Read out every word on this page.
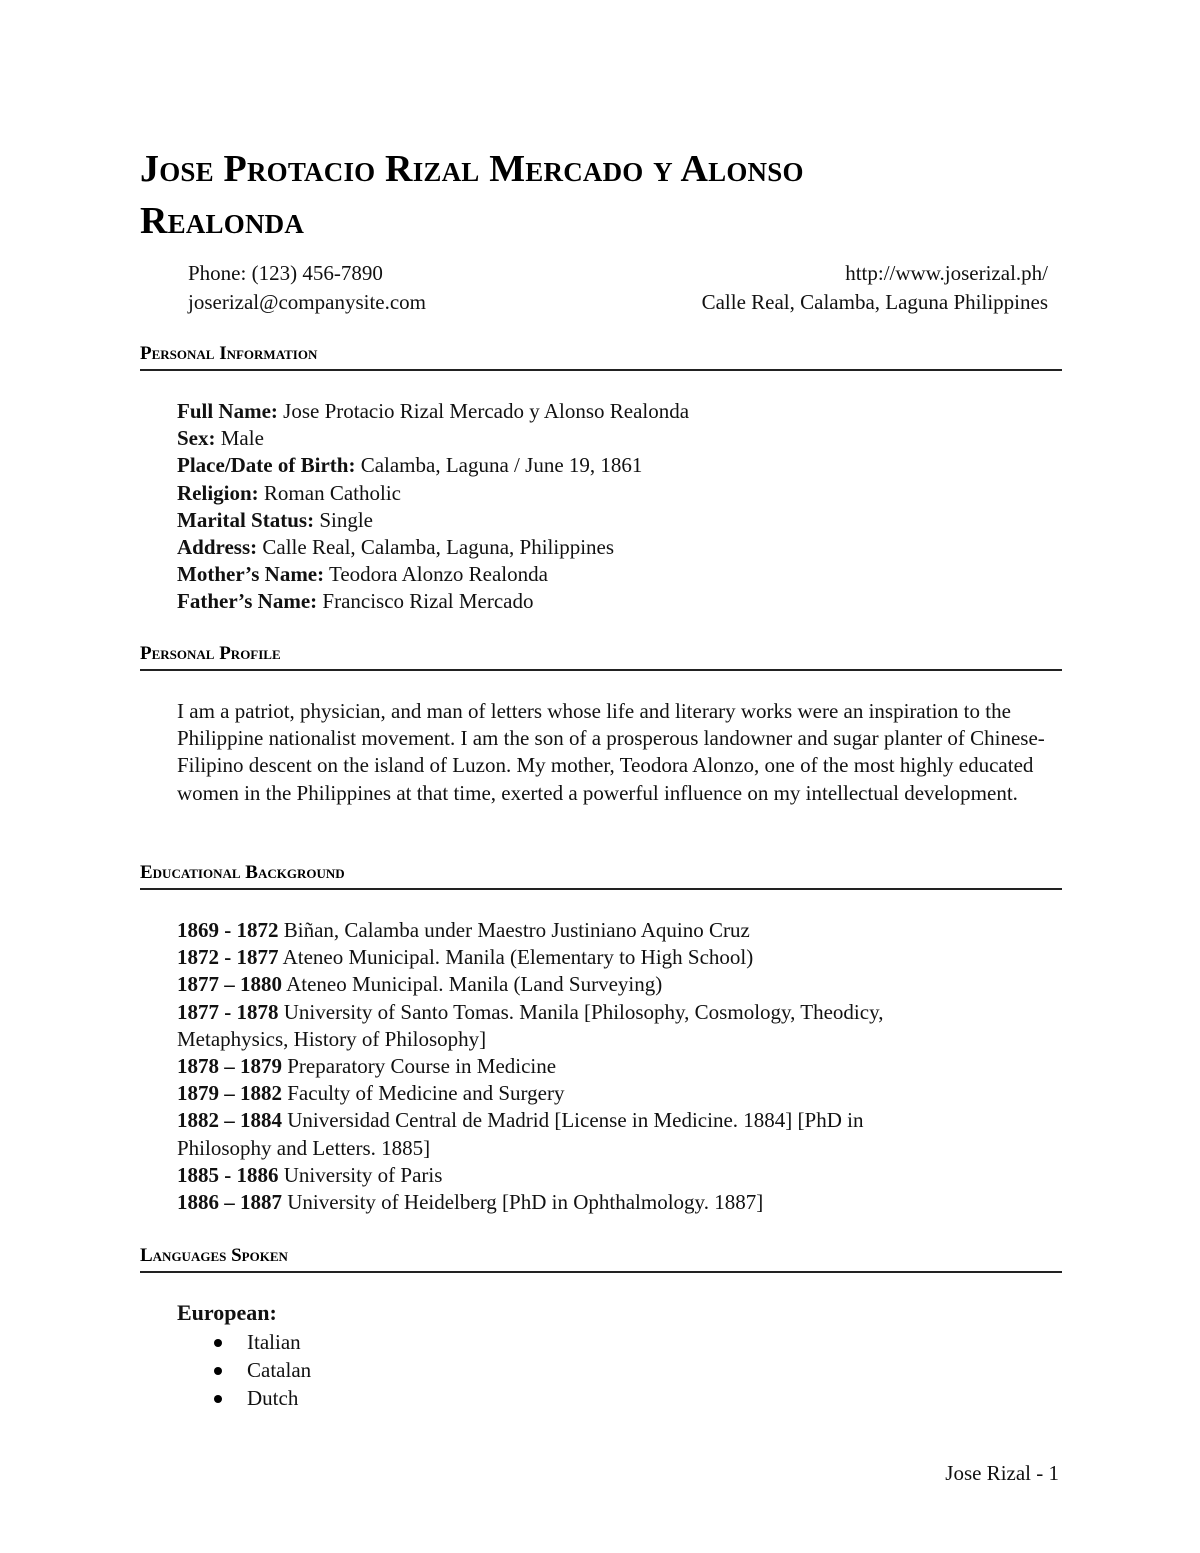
Jose Protacio Rizal Mercado y Alonso
Realonda
Phone: (123) 456-7890	http://www.joserizal.ph/
joserizal@companysite.com	Calle Real, Calamba, Laguna Philippines
Personal Information
Full Name: Jose Protacio Rizal Mercado y Alonso Realonda
Sex: Male
Place/Date of Birth: Calamba, Laguna / June 19, 1861
Religion: Roman Catholic
Marital Status: Single
Address: Calle Real, Calamba, Laguna, Philippines
Mother’s Name: Teodora Alonzo Realonda
Father’s Name: Francisco Rizal Mercado
Personal Profile
I am a patriot, physician, and man of letters whose life and literary works were an inspiration to the Philippine nationalist movement. I am the son of a prosperous landowner and sugar planter of Chinese-Filipino descent on the island of Luzon. My mother, Teodora Alonzo, one of the most highly educated women in the Philippines at that time, exerted a powerful influence on my intellectual development.
Educational Background
1869 - 1872 Biñan, Calamba under Maestro Justiniano Aquino Cruz
1872 - 1877 Ateneo Municipal. Manila (Elementary to High School)
1877 – 1880 Ateneo Municipal. Manila (Land Surveying)
1877 - 1878 University of Santo Tomas. Manila [Philosophy, Cosmology, Theodicy, Metaphysics, History of Philosophy]
1878 – 1879 Preparatory Course in Medicine
1879 – 1882 Faculty of Medicine and Surgery
1882 – 1884 Universidad Central de Madrid [License in Medicine. 1884] [PhD in Philosophy and Letters. 1885]
1885 - 1886 University of Paris
1886 – 1887 University of Heidelberg [PhD in Ophthalmology. 1887]
Languages Spoken
European:
Italian
Catalan
Dutch
Jose Rizal - 1
